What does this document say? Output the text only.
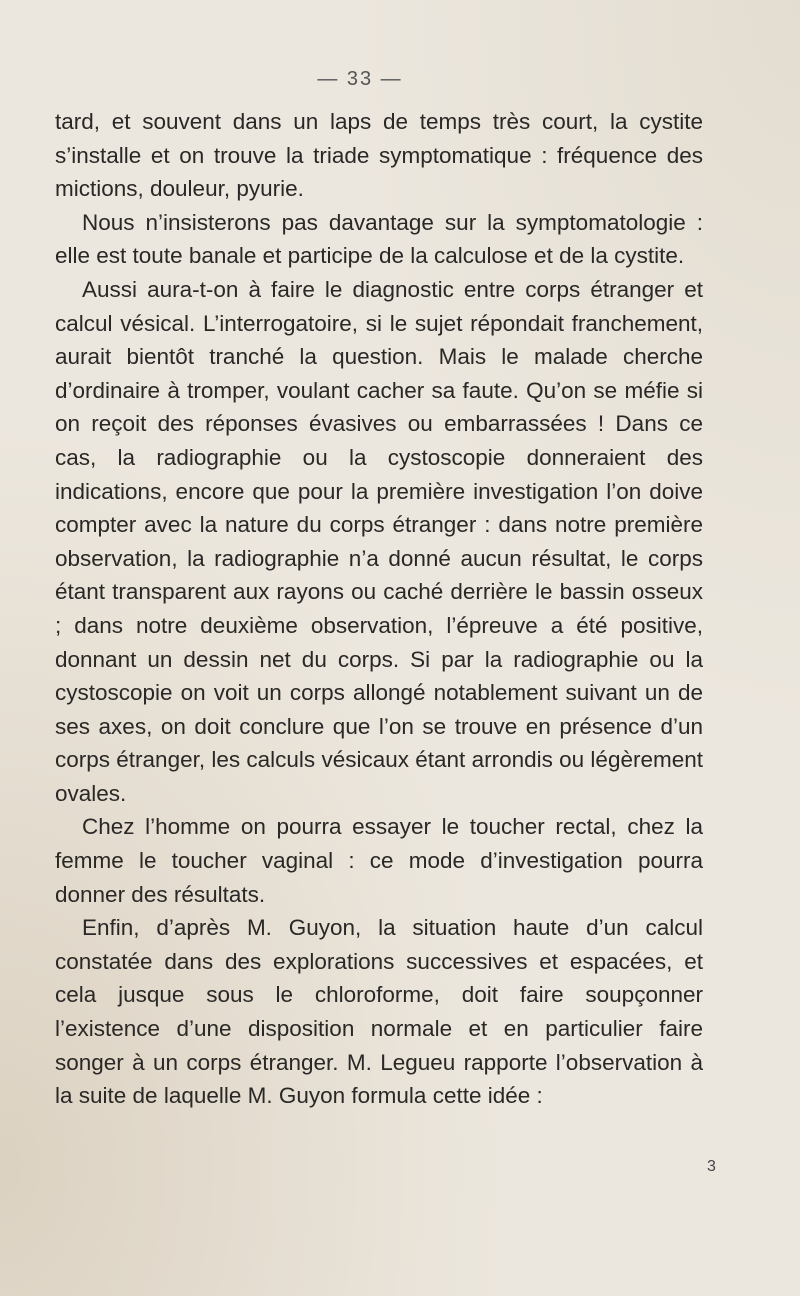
— 33 —

tard, et souvent dans un laps de temps très court, la cystite s’installe et on trouve la triade symptomatique : fréquence des mictions, douleur, pyurie.

Nous n’insisterons pas davantage sur la symptomatologie : elle est toute banale et participe de la calculose et de la cystite.

Aussi aura-t-on à faire le diagnostic entre corps étranger et calcul vésical. L’interrogatoire, si le sujet répondait franchement, aurait bientôt tranché la question. Mais le malade cherche d’ordinaire à tromper, voulant cacher sa faute. Qu’on se méfie si on reçoit des réponses évasives ou embarrassées ! Dans ce cas, la radiographie ou la cystoscopie donneraient des indications, encore que pour la première investigation l’on doive compter avec la nature du corps étranger : dans notre première observation, la radiographie n’a donné aucun résultat, le corps étant transparent aux rayons ou caché derrière le bassin osseux ; dans notre deuxième observation, l’épreuve a été positive, donnant un dessin net du corps. Si par la radiographie ou la cystoscopie on voit un corps allongé notablement suivant un de ses axes, on doit conclure que l’on se trouve en présence d’un corps étranger, les calculs vésicaux étant arrondis ou légèrement ovales.

Chez l’homme on pourra essayer le toucher rectal, chez la femme le toucher vaginal : ce mode d’investigation pourra donner des résultats.

Enfin, d’après M. Guyon, la situation haute d’un calcul constatée dans des explorations successives et espacées, et cela jusque sous le chloroforme, doit faire soupçonner l’existence d’une disposition normale et en particulier faire songer à un corps étranger. M. Legueu rapporte l’observation à la suite de laquelle M. Guyon formula cette idée :

3
